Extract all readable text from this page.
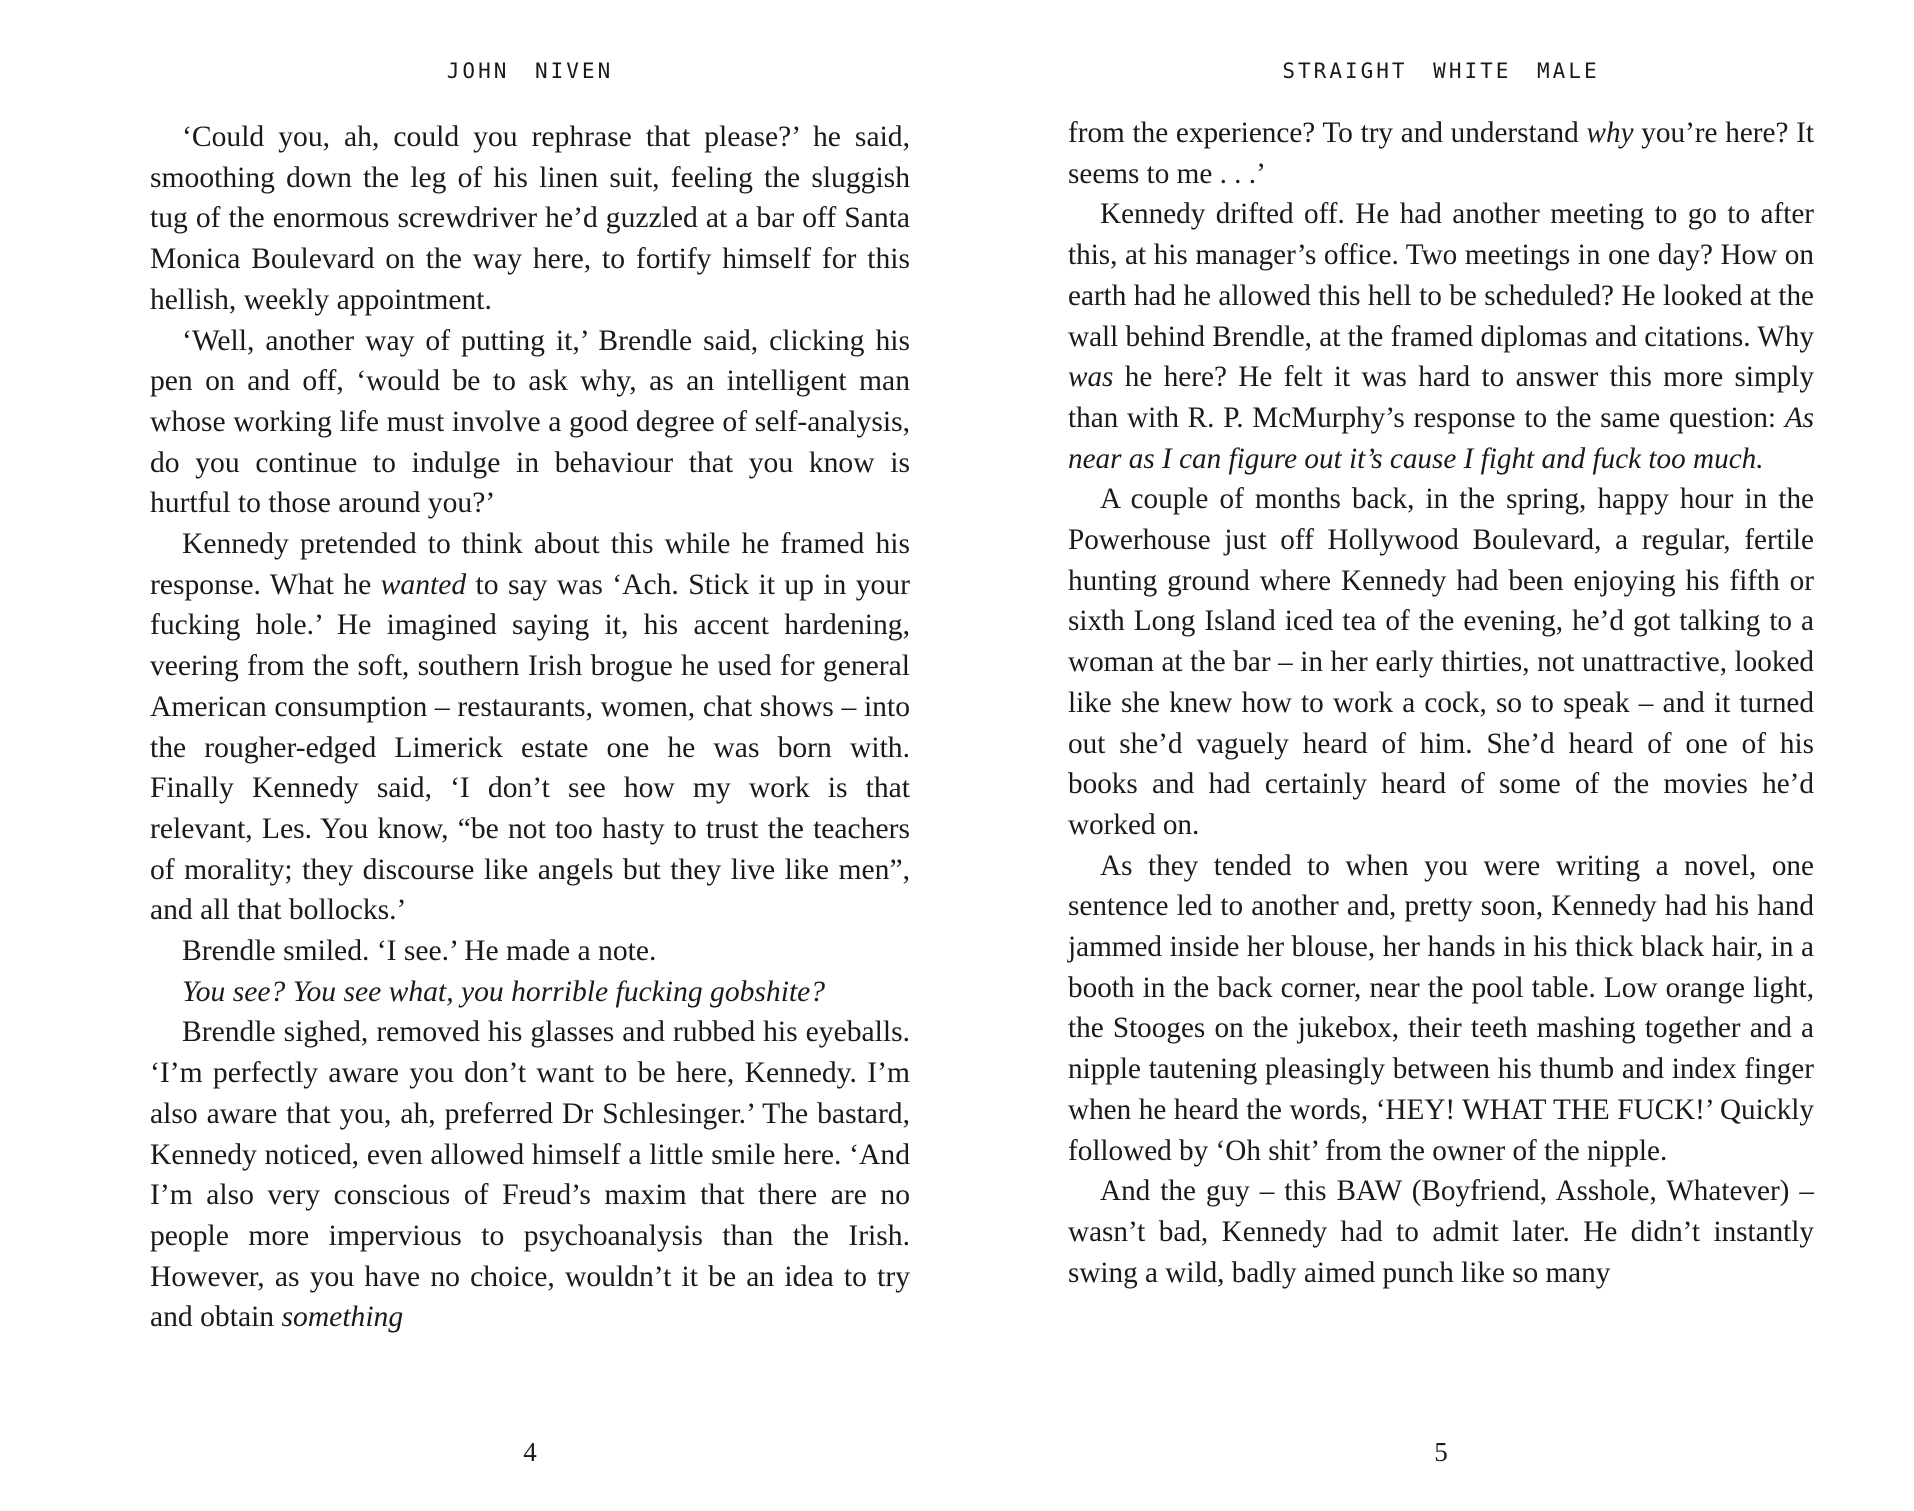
JOHN NIVEN

‘Could you, ah, could you rephrase that please?’ he said, smoothing down the leg of his linen suit, feeling the sluggish tug of the enormous screwdriver he’d guzzled at a bar off Santa Monica Boulevard on the way here, to fortify himself for this hellish, weekly appointment.

‘Well, another way of putting it,’ Brendle said, clicking his pen on and off, ‘would be to ask why, as an intelligent man whose working life must involve a good degree of self-analysis, do you continue to indulge in behaviour that you know is hurtful to those around you?’

Kennedy pretended to think about this while he framed his response. What he wanted to say was ‘Ach. Stick it up in your fucking hole.’ He imagined saying it, his accent hardening, veering from the soft, southern Irish brogue he used for general American consumption – restaurants, women, chat shows – into the rougher-edged Limerick estate one he was born with. Finally Kennedy said, ‘I don’t see how my work is that relevant, Les. You know, “be not too hasty to trust the teachers of morality; they discourse like angels but they live like men”, and all that bollocks.’

Brendle smiled. ‘I see.’ He made a note.

You see? You see what, you horrible fucking gobshite?

Brendle sighed, removed his glasses and rubbed his eyeballs. ‘I’m perfectly aware you don’t want to be here, Kennedy. I’m also aware that you, ah, preferred Dr Schlesinger.’ The bastard, Kennedy noticed, even allowed himself a little smile here. ‘And I’m also very conscious of Freud’s maxim that there are no people more impervious to psychoanalysis than the Irish. However, as you have no choice, wouldn’t it be an idea to try and obtain something

4
STRAIGHT WHITE MALE

from the experience? To try and understand why you’re here? It seems to me . . .’

Kennedy drifted off. He had another meeting to go to after this, at his manager’s office. Two meetings in one day? How on earth had he allowed this hell to be scheduled? He looked at the wall behind Brendle, at the framed diplomas and citations. Why was he here? He felt it was hard to answer this more simply than with R. P. McMurphy’s response to the same question: As near as I can figure out it’s cause I fight and fuck too much.

A couple of months back, in the spring, happy hour in the Powerhouse just off Hollywood Boulevard, a regular, fertile hunting ground where Kennedy had been enjoying his fifth or sixth Long Island iced tea of the evening, he’d got talking to a woman at the bar – in her early thirties, not unattractive, looked like she knew how to work a cock, so to speak – and it turned out she’d vaguely heard of him. She’d heard of one of his books and had certainly heard of some of the movies he’d worked on.

As they tended to when you were writing a novel, one sentence led to another and, pretty soon, Kennedy had his hand jammed inside her blouse, her hands in his thick black hair, in a booth in the back corner, near the pool table. Low orange light, the Stooges on the jukebox, their teeth mashing together and a nipple tautening pleasingly between his thumb and index finger when he heard the words, ‘HEY! WHAT THE FUCK!’ Quickly followed by ‘Oh shit’ from the owner of the nipple.

And the guy – this BAW (Boyfriend, Asshole, Whatever) – wasn’t bad, Kennedy had to admit later. He didn’t instantly swing a wild, badly aimed punch like so many

5
